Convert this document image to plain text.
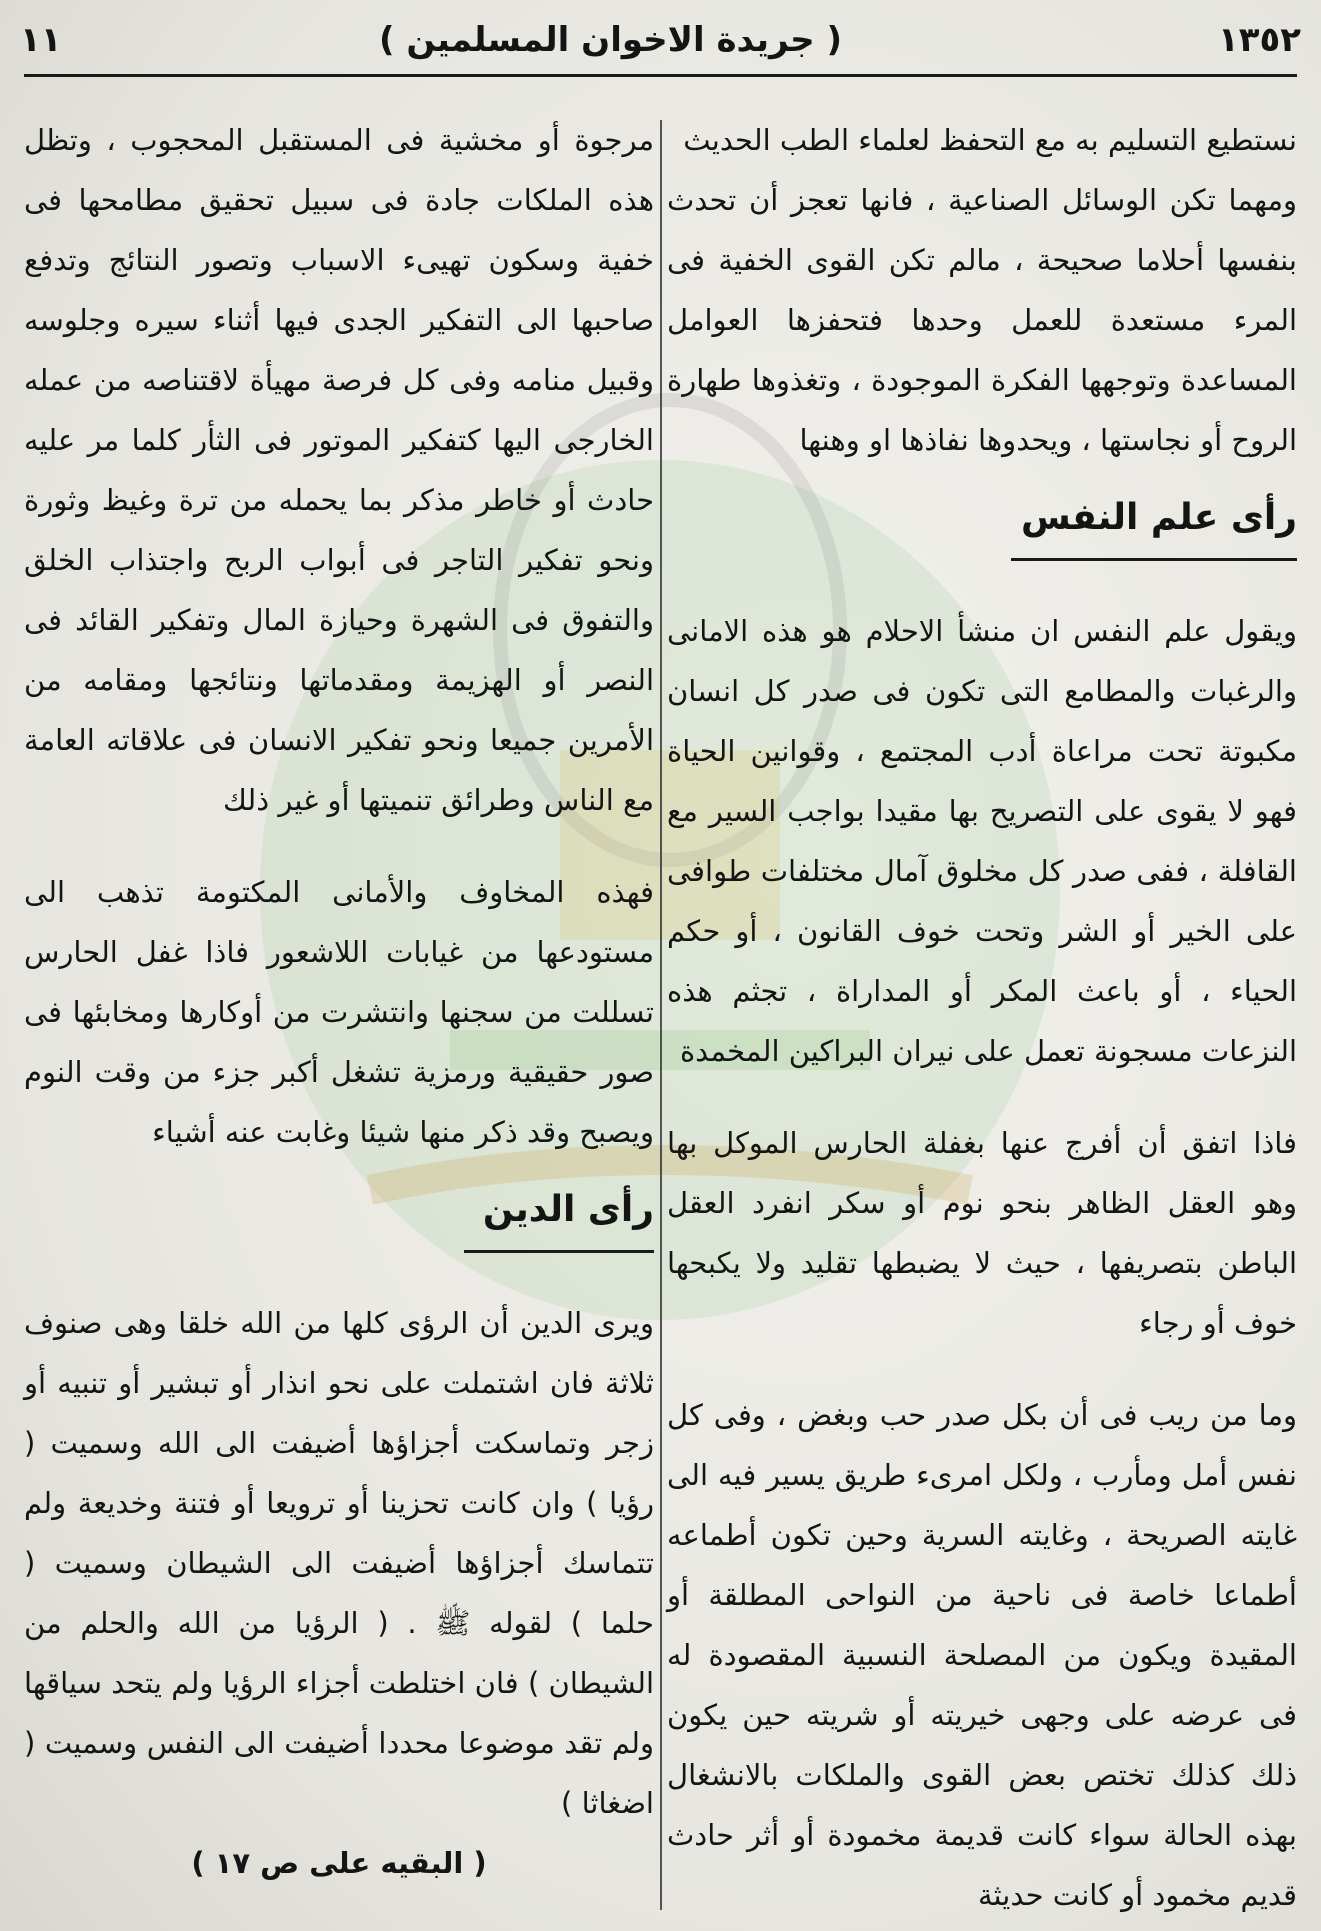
١٣٥٢
( جريدة الاخوان المسلمين )
١١

نستطيع التسليم به مع التحفظ لعلماء الطب الحديث

ومهما تكن الوسائل الصناعية ، فانها تعجز أن تحدث بنفسها أحلاما صحيحة ، مالم تكن القوى الخفية فى المرء مستعدة للعمل وحدها فتحفزها العوامل المساعدة وتوجهها الفكرة الموجودة ، وتغذوها طهارة الروح أو نجاستها ، ويحدوها نفاذها او وهنها

رأى علم النفس

ويقول علم النفس ان منشأ الاحلام هو هذه الامانى والرغبات والمطامع التى تكون فى صدر كل انسان مكبوتة تحت مراعاة أدب المجتمع ، وقوانين الحياة فهو لا يقوى على التصريح بها مقيدا بواجب السير مع القافلة ، ففى صدر كل مخلوق آمال مختلفات طوافى على الخير أو الشر وتحت خوف القانون ، أو حكم الحياء ، أو باعث المكر أو المداراة ، تجثم هذه النزعات مسجونة تعمل على نيران البراكين المخمدة

فاذا اتفق أن أفرج عنها بغفلة الحارس الموكل بها وهو العقل الظاهر بنحو نوم أو سكر انفرد العقل الباطن بتصريفها ، حيث لا يضبطها تقليد ولا يكبحها خوف أو رجاء

وما من ريب فى أن بكل صدر حب وبغض ، وفى كل نفس أمل ومأرب ، ولكل امرىء طريق يسير فيه الى غايته الصريحة ، وغايته السرية وحين تكون أطماعه أطماعا خاصة فى ناحية من النواحى المطلقة أو المقيدة ويكون من المصلحة النسبية المقصودة له فى عرضه على وجهى خيريته أو شريته حين يكون ذلك كذلك تختص بعض القوى والملكات بالانشغال بهذه الحالة سواء كانت قديمة مخمودة أو أثر حادث قديم مخمود أو كانت حديثة

مرجوة أو مخشية فى المستقبل المحجوب ، وتظل هذه الملكات جادة فى سبيل تحقيق مطامحها فى خفية وسكون تهيىء الاسباب وتصور النتائج وتدفع صاحبها الى التفكير الجدى فيها أثناء سيره وجلوسه وقبيل منامه وفى كل فرصة مهيأة لاقتناصه من عمله الخارجى اليها كتفكير الموتور فى الثأر كلما مر عليه حادث أو خاطر مذكر بما يحمله من ترة وغيظ وثورة ونحو تفكير التاجر فى أبواب الربح واجتذاب الخلق والتفوق فى الشهرة وحيازة المال وتفكير القائد فى النصر أو الهزيمة ومقدماتها ونتائجها ومقامه من الأمرين جميعا ونحو تفكير الانسان فى علاقاته العامة مع الناس وطرائق تنميتها أو غير ذلك

فهذه المخاوف والأمانى المكتومة تذهب الى مستودعها من غيابات اللاشعور فاذا غفل الحارس تسللت من سجنها وانتشرت من أوكارها ومخابئها فى صور حقيقية ورمزية تشغل أكبر جزء من وقت النوم ويصبح وقد ذكر منها شيئا وغابت عنه أشياء

رأى الدين

ويرى الدين أن الرؤى كلها من الله خلقا وهى صنوف ثلاثة فان اشتملت على نحو انذار أو تبشير أو تنبيه أو زجر وتماسكت أجزاؤها أضيفت الى الله وسميت ( رؤيا ) وان كانت تحزينا أو ترويعا أو فتنة وخديعة ولم تتماسك أجزاؤها أضيفت الى الشيطان وسميت ( حلما ) لقوله ﷺ . ( الرؤيا من الله والحلم من الشيطان ) فان اختلطت أجزاء الرؤيا ولم يتحد سياقها ولم تقد موضوعا محددا أضيفت الى النفس وسميت ( اضغاثا )

( البقيه على ص ١٧ )
